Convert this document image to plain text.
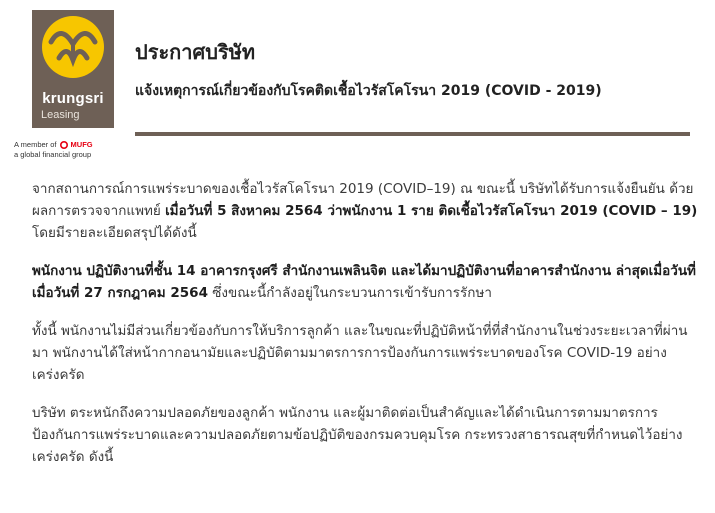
krungsri
Leasing
A member of MUFG
a global financial group
ประกาศบริษัท
แจ้งเหตุการณ์เกี่ยวข้องกับโรคติดเชื้อไวรัสโคโรนา 2019 (COVID - 2019)

จากสถานการณ์การแพร่ระบาดของเชื้อไวรัสโคโรนา 2019 (COVID–19) ณ ขณะนี้ บริษัทได้รับการแจ้งยืนยัน ด้วยผลการตรวจจากแพทย์ เมื่อวันที่ 5 สิงหาคม 2564 ว่าพนักงาน 1 ราย ติดเชื้อไวรัสโคโรนา 2019 (COVID – 19) โดยมีรายละเอียดสรุปได้ดังนี้

พนักงาน ปฏิบัติงานที่ชั้น 14 อาคารกรุงศรี สำนักงานเพลินจิต และได้มาปฏิบัติงานที่อาคารสำนักงาน ล่าสุดเมื่อวันที่ เมื่อวันที่ 27 กรกฎาคม 2564 ซึ่งขณะนี้กำลังอยู่ในกระบวนการเข้ารับการรักษา

ทั้งนี้ พนักงานไม่มีส่วนเกี่ยวข้องกับการให้บริการลูกค้า และในขณะที่ปฏิบัติหน้าที่ที่สำนักงานในช่วงระยะเวลาที่ผ่านมา พนักงานได้ใส่หน้ากากอนามัยและปฏิบัติตามมาตรการการป้องกันการแพร่ระบาดของโรค COVID-19 อย่างเคร่งครัด

บริษัท ตระหนักถึงความปลอดภัยของลูกค้า พนักงาน และผู้มาติดต่อเป็นสำคัญและได้ดำเนินการตามมาตรการป้องกันการแพร่ระบาดและความปลอดภัยตามข้อปฏิบัติของกรมควบคุมโรค กระทรวงสาธารณสุขที่กำหนดไว้อย่างเคร่งครัด ดังนี้
